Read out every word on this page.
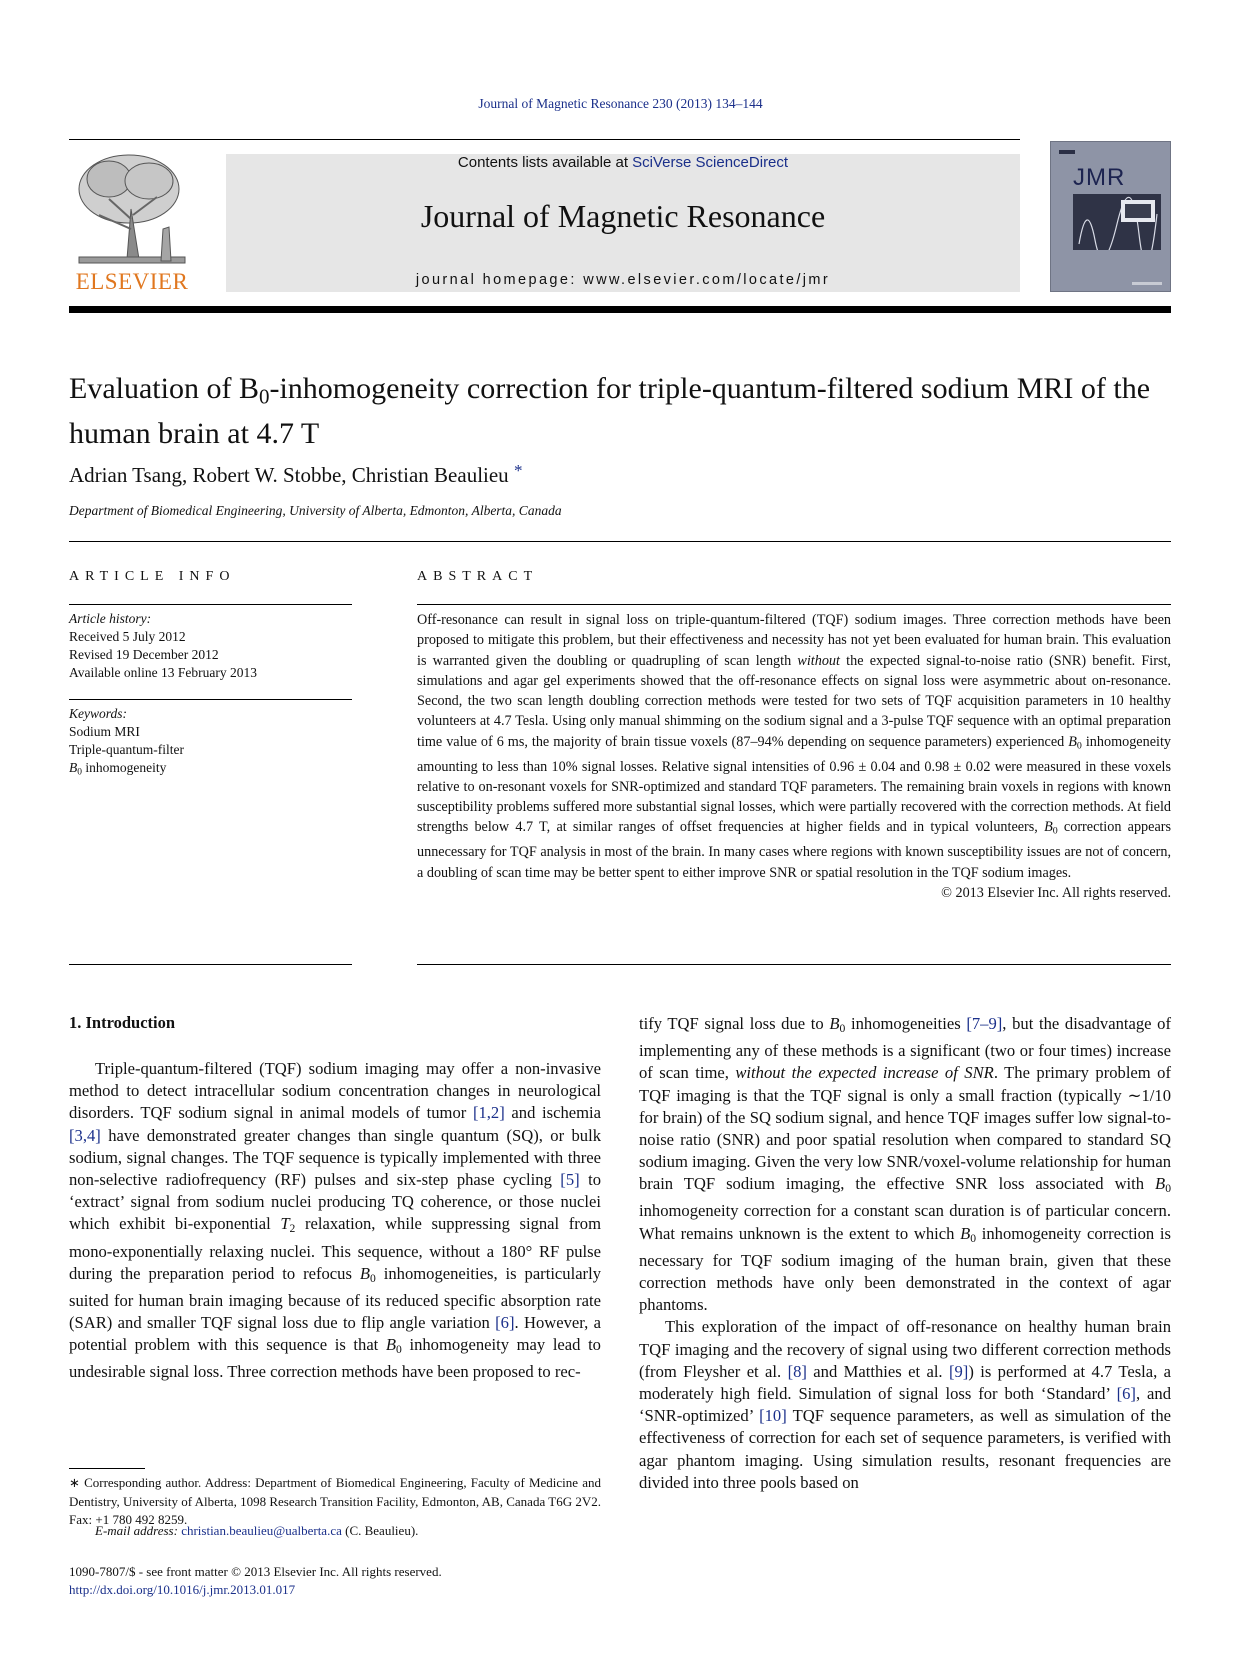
Journal of Magnetic Resonance 230 (2013) 134–144
ELSEVIER
Contents lists available at SciVerse ScienceDirect
Journal of Magnetic Resonance
journal homepage: www.elsevier.com/locate/jmr
JMR
Evaluation of $B_0$-inhomogeneity correction for triple-quantum-filtered sodium MRI of the human brain at 4.7 T
Adrian Tsang, Robert W. Stobbe, Christian Beaulieu *
Department of Biomedical Engineering, University of Alberta, Edmonton, Alberta, Canada
ARTICLE INFO	ABSTRACT
Article history:
Received 5 July 2012
Revised 19 December 2012
Available online 13 February 2013
Keywords:
Sodium MRI
Triple-quantum-filter
$B_0$ inhomogeneity

Off-resonance can result in signal loss on triple-quantum-filtered (TQF) sodium images. Three correction methods have been proposed to mitigate this problem, but their effectiveness and necessity has not yet been evaluated for human brain. This evaluation is warranted given the doubling or quadrupling of scan length without the expected signal-to-noise ratio (SNR) benefit. First, simulations and agar gel experiments showed that the off-resonance effects on signal loss were asymmetric about on-resonance. Second, the two scan length doubling correction methods were tested for two sets of TQF acquisition parameters in 10 healthy volunteers at 4.7 Tesla. Using only manual shimming on the sodium signal and a 3-pulse TQF sequence with an optimal preparation time value of 6 ms, the majority of brain tissue voxels (87–94% depending on sequence parameters) experienced $B_0$ inhomogeneity amounting to less than 10% signal losses. Relative signal intensities of 0.96 ± 0.04 and 0.98 ± 0.02 were measured in these voxels relative to on-resonant voxels for SNR-optimized and standard TQF parameters. The remaining brain voxels in regions with known susceptibility problems suffered more substantial signal losses, which were partially recovered with the correction methods. At field strengths below 4.7 T, at similar ranges of offset frequencies at higher fields and in typical volunteers, $B_0$ correction appears unnecessary for TQF analysis in most of the brain. In many cases where regions with known susceptibility issues are not of concern, a doubling of scan time may be better spent to either improve SNR or spatial resolution in the TQF sodium images.

© 2013 Elsevier Inc. All rights reserved.

1. Introduction

Triple-quantum-filtered (TQF) sodium imaging may offer a non-invasive method to detect intracellular sodium concentration changes in neurological disorders. TQF sodium signal in animal models of tumor [1,2] and ischemia [3,4] have demonstrated greater changes than single quantum (SQ), or bulk sodium, signal changes. The TQF sequence is typically implemented with three non-selective radiofrequency (RF) pulses and six-step phase cycling [5] to ‘extract’ signal from sodium nuclei producing TQ coherence, or those nuclei which exhibit bi-exponential $T_2$ relaxation, while suppressing signal from mono-exponentially relaxing nuclei. This sequence, without a 180° RF pulse during the preparation period to refocus $B_0$ inhomogeneities, is particularly suited for human brain imaging because of its reduced specific absorption rate (SAR) and smaller TQF signal loss due to flip angle variation [6]. However, a potential problem with this sequence is that $B_0$ inhomogeneity may lead to undesirable signal loss. Three correction methods have been proposed to rec-

tify TQF signal loss due to $B_0$ inhomogeneities [7–9], but the disadvantage of implementing any of these methods is a significant (two or four times) increase of scan time, without the expected increase of SNR. The primary problem of TQF imaging is that the TQF signal is only a small fraction (typically ∼1/10 for brain) of the SQ sodium signal, and hence TQF images suffer low signal-to-noise ratio (SNR) and poor spatial resolution when compared to standard SQ sodium imaging. Given the very low SNR/voxel-volume relationship for human brain TQF sodium imaging, the effective SNR loss associated with $B_0$ inhomogeneity correction for a constant scan duration is of particular concern. What remains unknown is the extent to which $B_0$ inhomogeneity correction is necessary for TQF sodium imaging of the human brain, given that these correction methods have only been demonstrated in the context of agar phantoms.

This exploration of the impact of off-resonance on healthy human brain TQF imaging and the recovery of signal using two different correction methods (from Fleysher et al. [8] and Matthies et al. [9]) is performed at 4.7 Tesla, a moderately high field. Simulation of signal loss for both ‘Standard’ [6], and ‘SNR-optimized’ [10] TQF sequence parameters, as well as simulation of the effectiveness of correction for each set of sequence parameters, is verified with agar phantom imaging. Using simulation results, resonant frequencies are divided into three pools based on

∗ Corresponding author. Address: Department of Biomedical Engineering, Faculty of Medicine and Dentistry, University of Alberta, 1098 Research Transition Facility, Edmonton, AB, Canada T6G 2V2. Fax: +1 780 492 8259.
E-mail address: christian.beaulieu@ualberta.ca (C. Beaulieu).
1090-7807/$ - see front matter © 2013 Elsevier Inc. All rights reserved.
http://dx.doi.org/10.1016/j.jmr.2013.01.017
